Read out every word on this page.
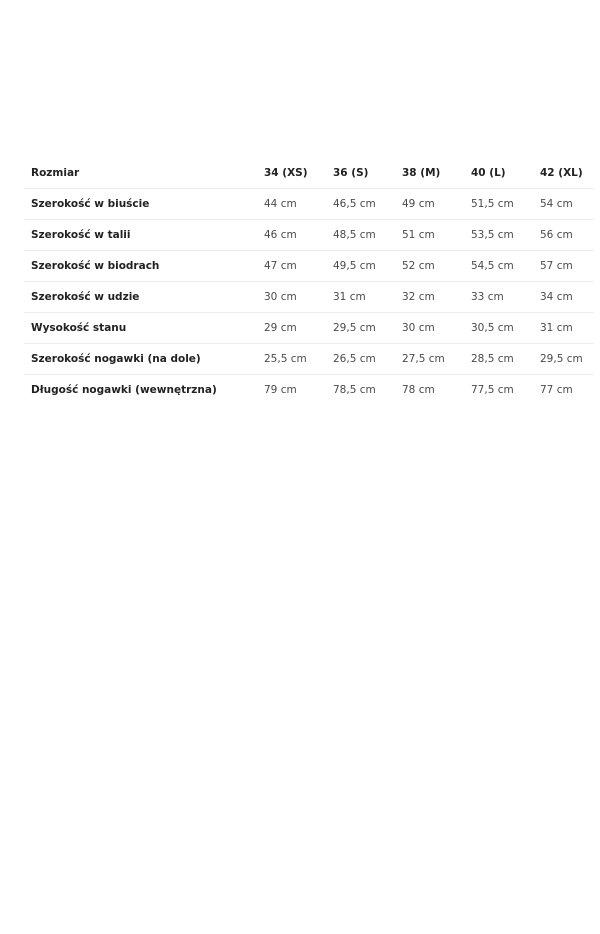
Rozmiar	34 (XS)	36 (S)	38 (M)	40 (L)	42 (XL)
Szerokość w biuście	44 cm	46,5 cm	49 cm	51,5 cm	54 cm
Szerokość w talii	46 cm	48,5 cm	51 cm	53,5 cm	56 cm
Szerokość w biodrach	47 cm	49,5 cm	52 cm	54,5 cm	57 cm
Szerokość w udzie	30 cm	31 cm	32 cm	33 cm	34 cm
Wysokość stanu	29 cm	29,5 cm	30 cm	30,5 cm	31 cm
Szerokość nogawki (na dole)	25,5 cm	26,5 cm	27,5 cm	28,5 cm	29,5 cm
Długość nogawki (wewnętrzna)	79 cm	78,5 cm	78 cm	77,5 cm	77 cm
